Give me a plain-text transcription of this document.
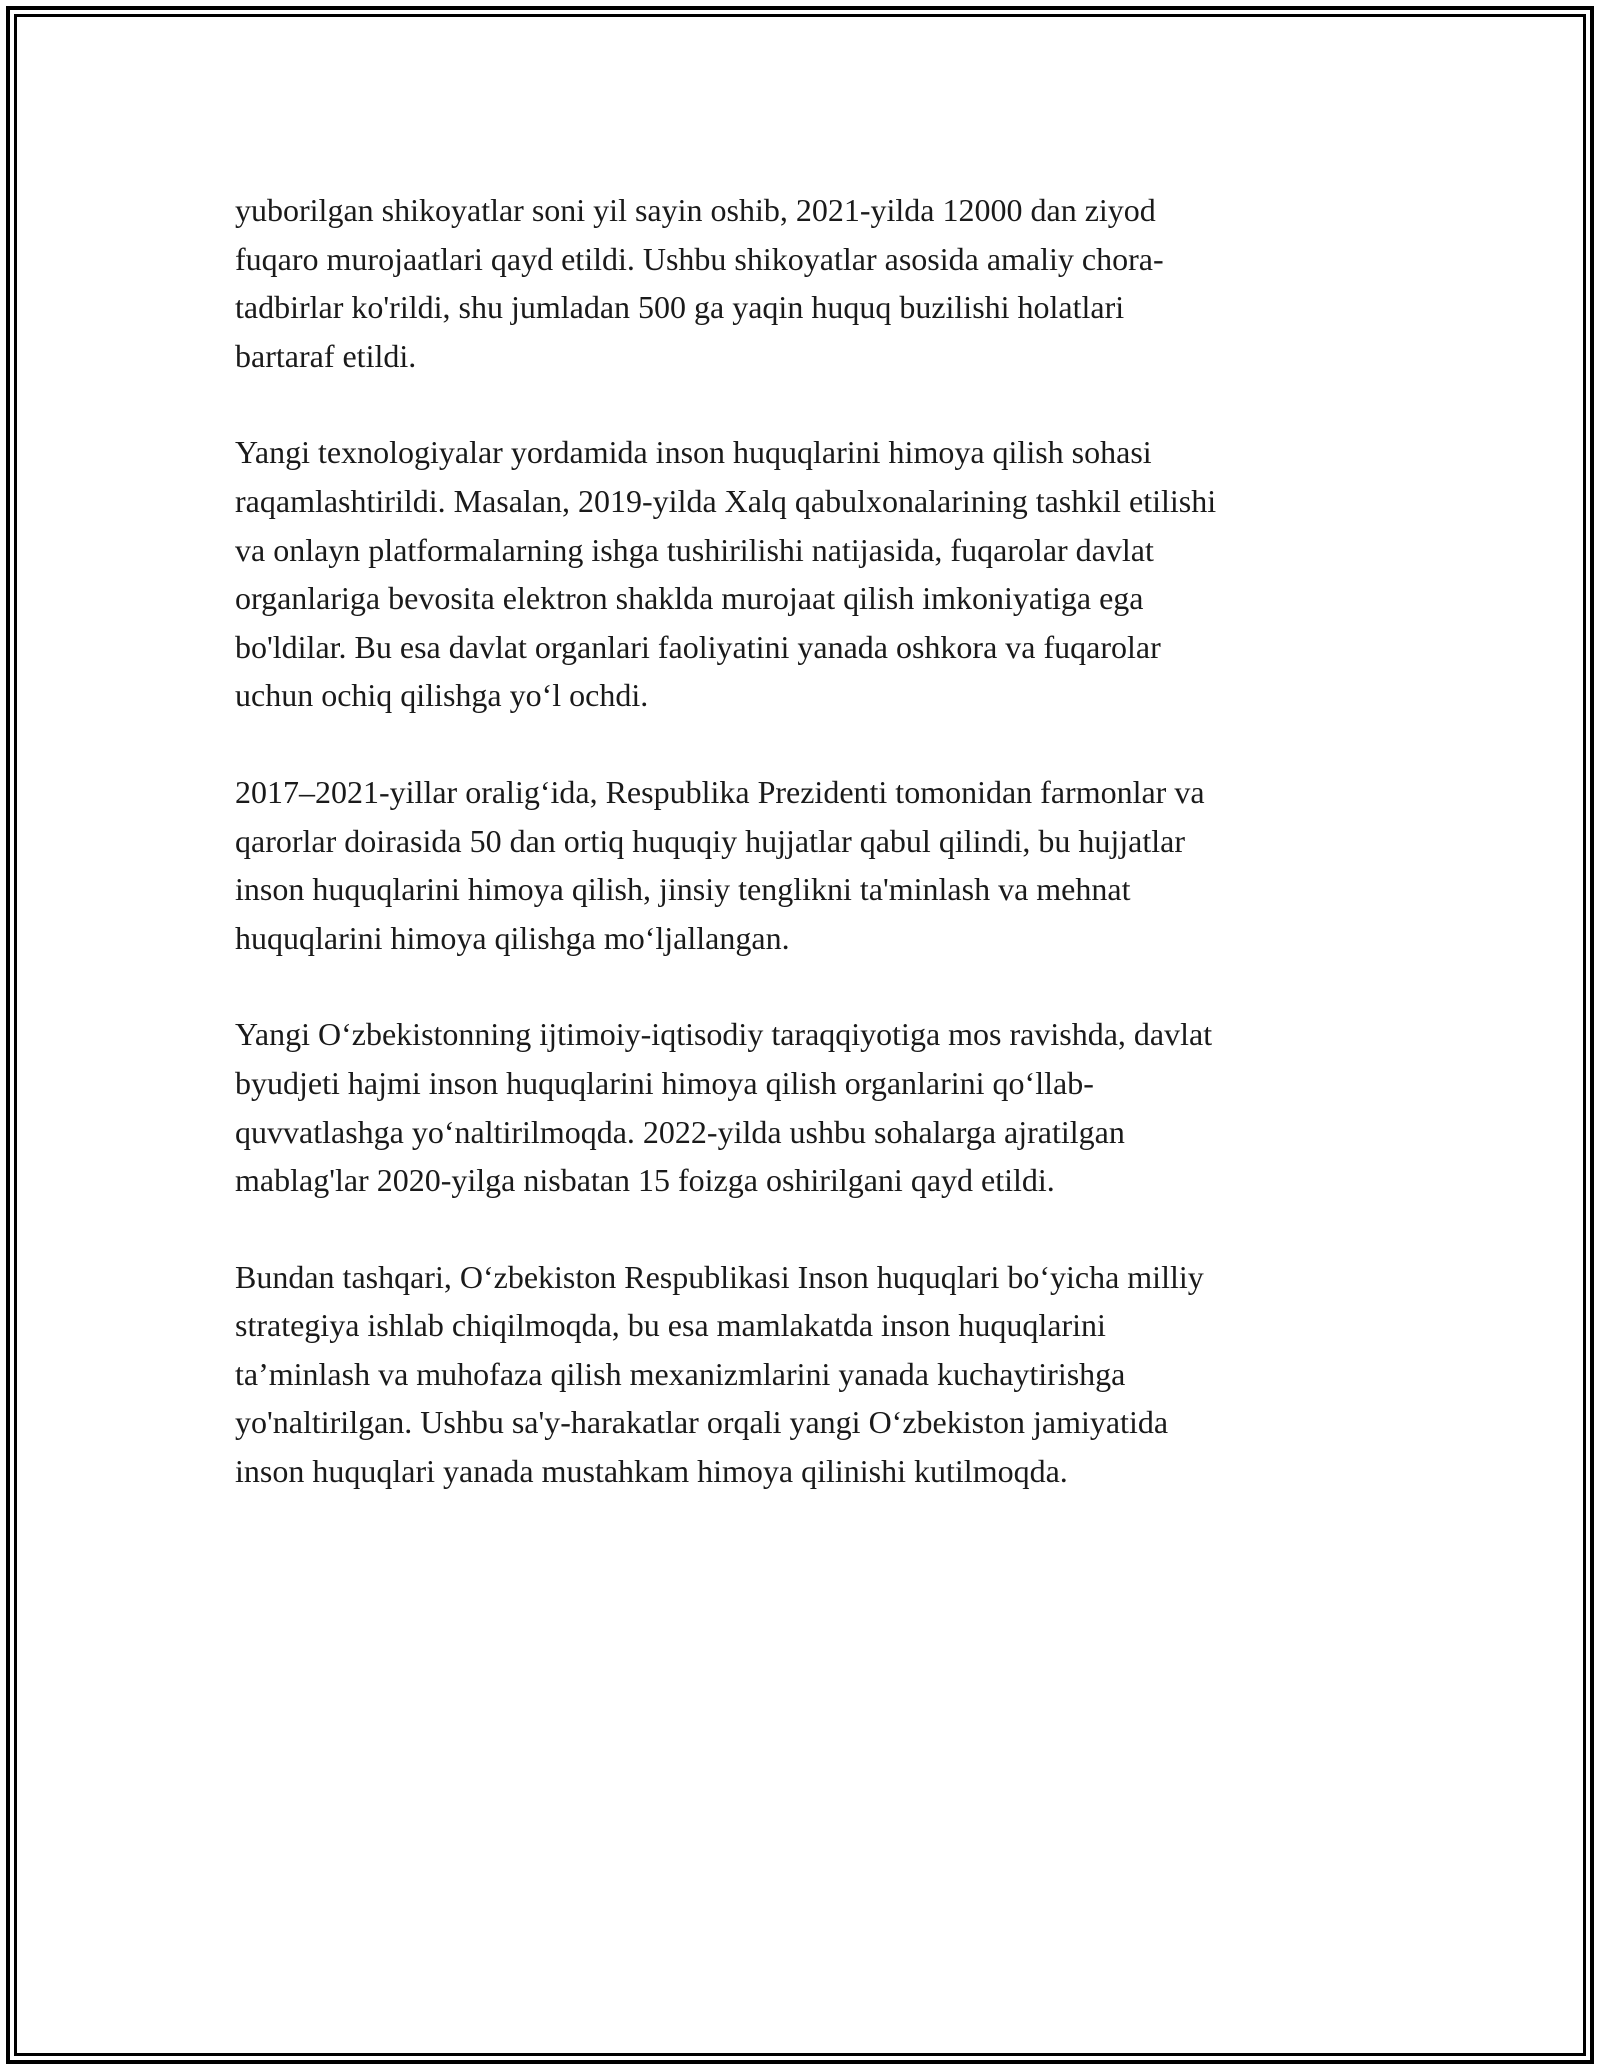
yuborilgan shikoyatlar soni yil sayin oshib, 2021-yilda 12000 dan ziyod
fuqaro murojaatlari qayd etildi. Ushbu shikoyatlar asosida amaliy chora-
tadbirlar ko'rildi, shu jumladan 500 ga yaqin huquq buzilishi holatlari
bartaraf etildi.
Yangi texnologiyalar yordamida inson huquqlarini himoya qilish sohasi
raqamlashtirildi. Masalan, 2019-yilda Xalq qabulxonalarining tashkil etilishi
va onlayn platformalarning ishga tushirilishi natijasida, fuqarolar davlat
organlariga bevosita elektron shaklda murojaat qilish imkoniyatiga ega
bo'ldilar. Bu esa davlat organlari faoliyatini yanada oshkora va fuqarolar
uchun ochiq qilishga yo‘l ochdi.
2017–2021-yillar oralig‘ida, Respublika Prezidenti tomonidan farmonlar va
qarorlar doirasida 50 dan ortiq huquqiy hujjatlar qabul qilindi, bu hujjatlar
inson huquqlarini himoya qilish, jinsiy tenglikni ta'minlash va mehnat
huquqlarini himoya qilishga mo‘ljallangan.
Yangi O‘zbekistonning ijtimoiy-iqtisodiy taraqqiyotiga mos ravishda, davlat
byudjeti hajmi inson huquqlarini himoya qilish organlarini qo‘llab-
quvvatlashga yo‘naltirilmoqda. 2022-yilda ushbu sohalarga ajratilgan
mablag'lar 2020-yilga nisbatan 15 foizga oshirilgani qayd etildi.
Bundan tashqari, O‘zbekiston Respublikasi Inson huquqlari bo‘yicha milliy
strategiya ishlab chiqilmoqda, bu esa mamlakatda inson huquqlarini
ta’minlash va muhofaza qilish mexanizmlarini yanada kuchaytirishga
yo'naltirilgan. Ushbu sa'y-harakatlar orqali yangi O‘zbekiston jamiyatida
inson huquqlari yanada mustahkam himoya qilinishi kutilmoqda.
